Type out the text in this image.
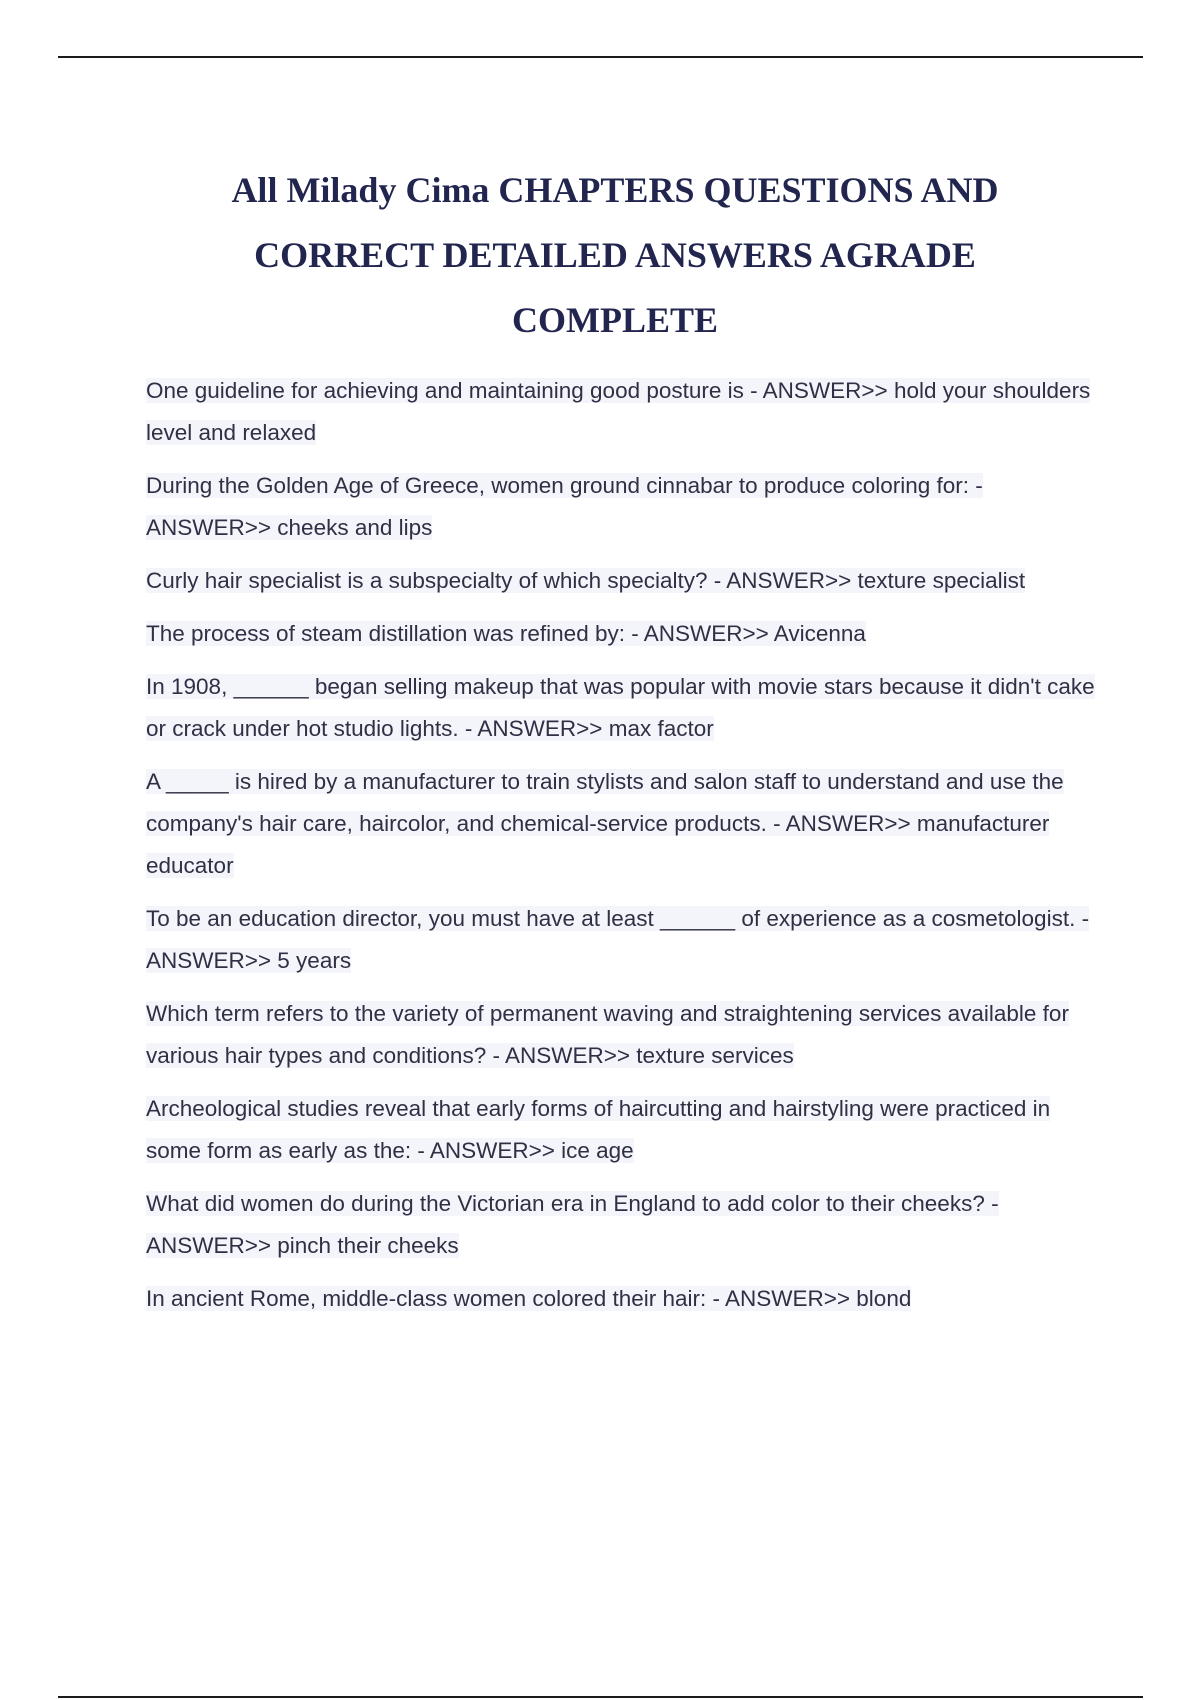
All Milady Cima CHAPTERS QUESTIONS AND CORRECT DETAILED ANSWERS AGRADE COMPLETE
One guideline for achieving and maintaining good posture is - ANSWER>> hold your shoulders level and relaxed
During the Golden Age of Greece, women ground cinnabar to produce coloring for: - ANSWER>> cheeks and lips
Curly hair specialist is a subspecialty of which specialty? - ANSWER>> texture specialist
The process of steam distillation was refined by: - ANSWER>> Avicenna
In 1908, ______ began selling makeup that was popular with movie stars because it didn't cake or crack under hot studio lights. - ANSWER>> max factor
A _____ is hired by a manufacturer to train stylists and salon staff to understand and use the company's hair care, haircolor, and chemical-service products. - ANSWER>> manufacturer educator
To be an education director, you must have at least ______ of experience as a cosmetologist. - ANSWER>> 5 years
Which term refers to the variety of permanent waving and straightening services available for various hair types and conditions? - ANSWER>> texture services
Archeological studies reveal that early forms of haircutting and hairstyling were practiced in some form as early as the: - ANSWER>> ice age
What did women do during the Victorian era in England to add color to their cheeks? - ANSWER>> pinch their cheeks
In ancient Rome, middle-class women colored their hair: - ANSWER>> blond
